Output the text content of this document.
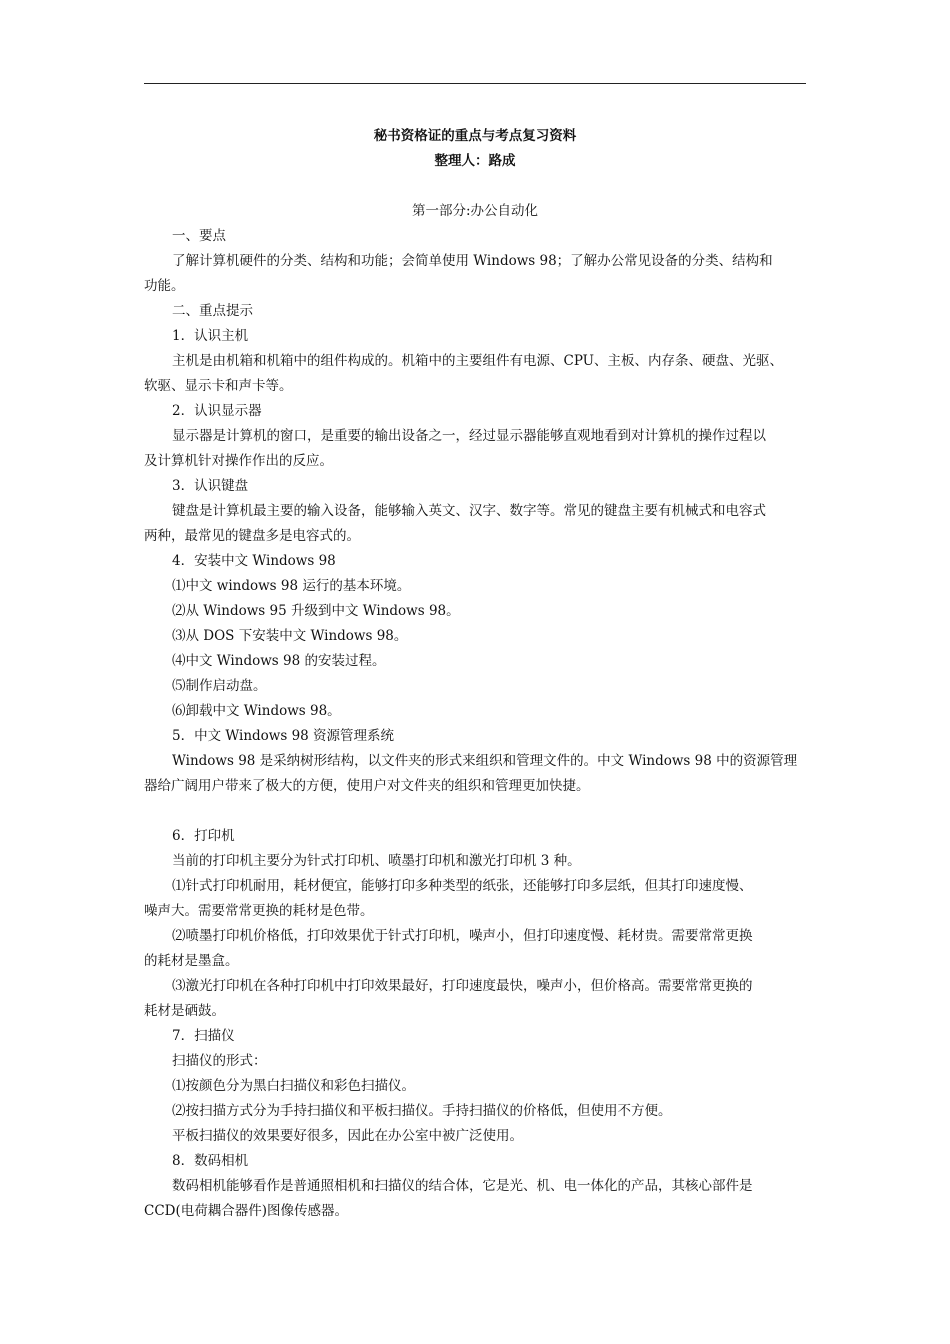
秘书资格证的重点与考点复习资料
整理人：路成
第一部分:办公自动化
一、要点
了解计算机硬件的分类、结构和功能；会简单使用 Windows 98；了解办公常见设备的分类、结构和
功能。
二、重点提示
1．认识主机
主机是由机箱和机箱中的组件构成的。机箱中的主要组件有电源、CPU、主板、内存条、硬盘、光驱、
软驱、显示卡和声卡等。
2．认识显示器
显示器是计算机的窗口，是重要的输出设备之一，经过显示器能够直观地看到对计算机的操作过程以
及计算机针对操作作出的反应。
3．认识键盘
键盘是计算机最主要的输入设备，能够输入英文、汉字、数字等。常见的键盘主要有机械式和电容式
两种，最常见的键盘多是电容式的。
4．安装中文 Windows 98
⑴中文 windows 98 运行的基本环境。
⑵从 Windows 95 升级到中文 Windows 98。
⑶从 DOS 下安装中文 Windows 98。
⑷中文 Windows 98 的安装过程。
⑸制作启动盘。
⑹卸载中文 Windows 98。
5．中文 Windows 98 资源管理系统
Windows 98 是采纳树形结构，以文件夹的形式来组织和管理文件的。中文 Windows 98 中的资源管理
器给广阔用户带来了极大的方便，使用户对文件夹的组织和管理更加快捷。
6．打印机
当前的打印机主要分为针式打印机、喷墨打印机和激光打印机 3 种。
⑴针式打印机耐用，耗材便宜，能够打印多种类型的纸张，还能够打印多层纸，但其打印速度慢、
噪声大。需要常常更换的耗材是色带。
⑵喷墨打印机价格低，打印效果优于针式打印机，噪声小，但打印速度慢、耗材贵。需要常常更换
的耗材是墨盒。
⑶激光打印机在各种打印机中打印效果最好，打印速度最快，噪声小，但价格高。需要常常更换的
耗材是硒鼓。
7．扫描仪
扫描仪的形式：
⑴按颜色分为黑白扫描仪和彩色扫描仪。
⑵按扫描方式分为手持扫描仪和平板扫描仪。手持扫描仪的价格低，但使用不方便。
平板扫描仪的效果要好很多，因此在办公室中被广泛使用。
8．数码相机
数码相机能够看作是普通照相机和扫描仪的结合体，它是光、机、电一体化的产品，其核心部件是
CCD(电荷耦合器件)图像传感器。
